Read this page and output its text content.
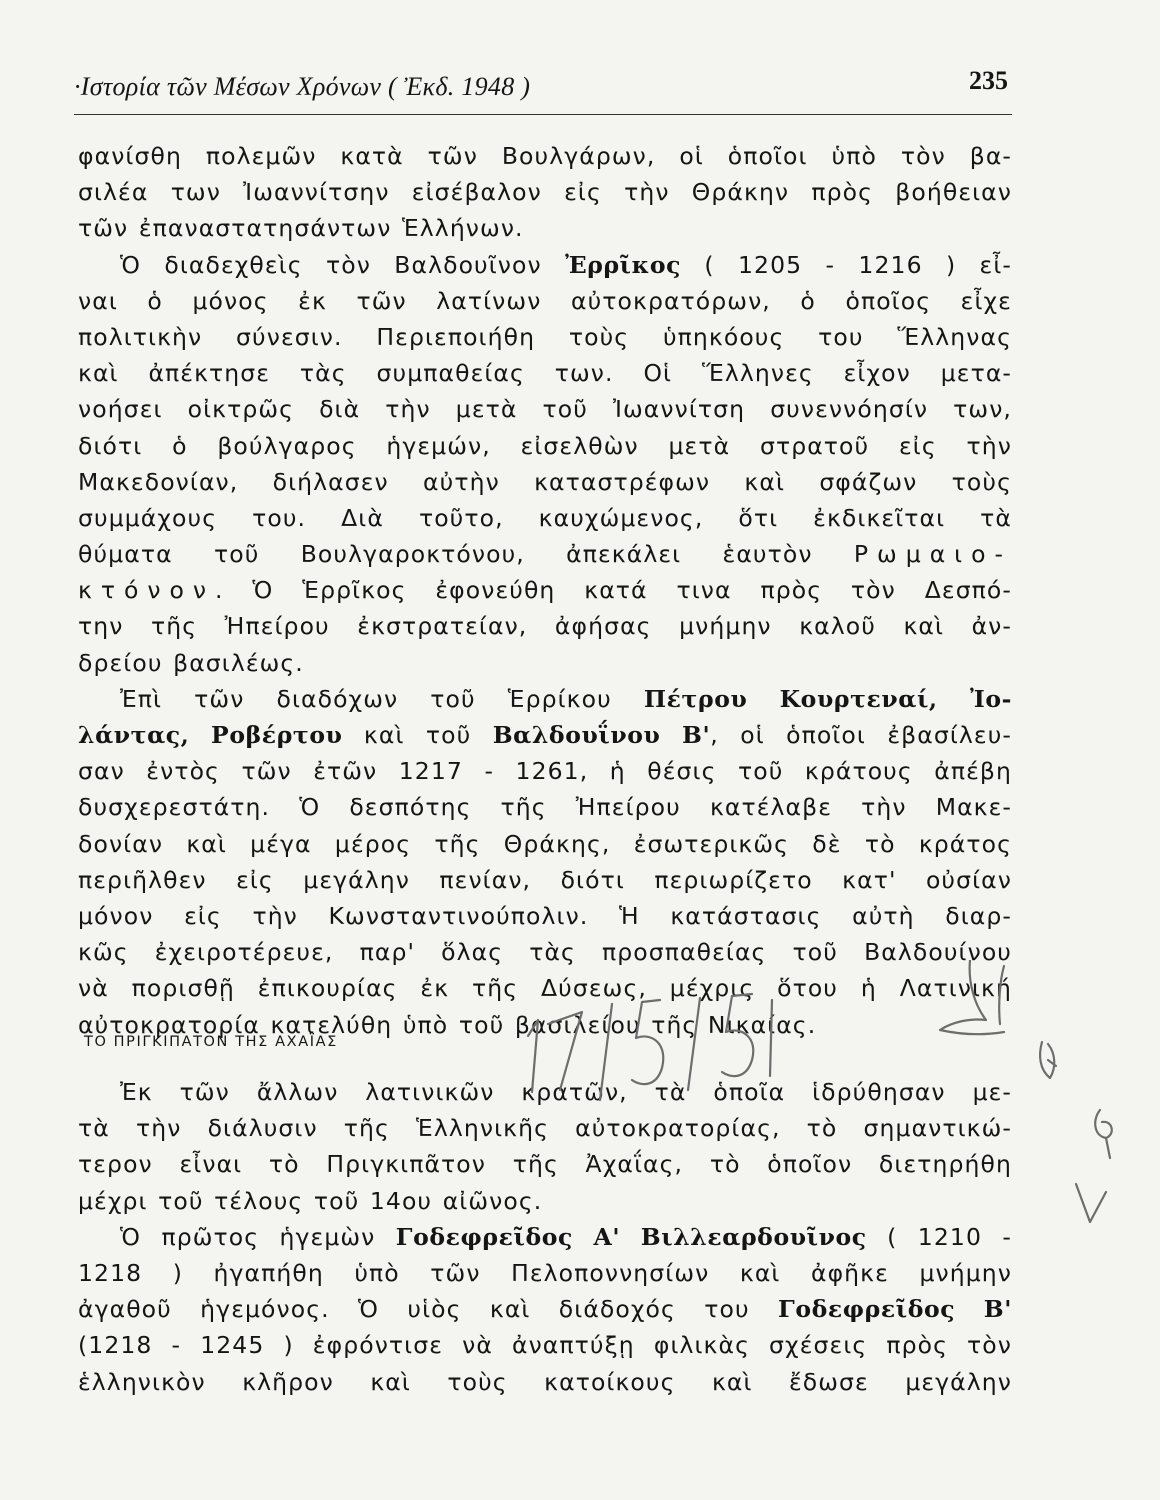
·Ιστορία τῶν Μέσων Χρόνων ( Ἐκδ. 1948 )	235
φανίσθη πολεμῶν κατὰ τῶν Βουλγάρων, οἱ ὁποῖοι ὑπὸ τὸν βα-
σιλέα των Ἰωαννίτσην εἰσέβαλον εἰς τὴν Θράκην πρὸς βοήθειαν
τῶν ἐπαναστατησάντων Ἑλλήνων.
Ὁ διαδεχθεὶς τὸν Βαλδουῖνον Ἐρρῖκος ( 1205 - 1216 ) εἶ-
ναι ὁ μόνος ἐκ τῶν λατίνων αὐτοκρατόρων, ὁ ὁποῖος εἶχε
πολιτικὴν σύνεσιν. Περιεποιήθη τοὺς ὑπηκόους του Ἕλληνας
καὶ ἀπέκτησε τὰς συμπαθείας των. Οἱ Ἕλληνες εἶχον μετα-
νοήσει οἰκτρῶς διὰ τὴν μετὰ τοῦ Ἰωαννίτση συνεννόησίν των,
διότι ὁ βούλγαρος ἡγεμών, εἰσελθὼν μετὰ στρατοῦ εἰς τὴν
Μακεδονίαν, διήλασεν αὐτὴν καταστρέφων καὶ σφάζων τοὺς
συμμάχους του. Διὰ τοῦτο, καυχώμενος, ὅτι ἐκδικεῖται τὰ
θύματα τοῦ Βουλγαροκτόνου, ἀπεκάλει ἑαυτὸν Ρωμαιο-
κτόνον. Ὁ Ἑρρῖκος ἐφονεύθη κατά τινα πρὸς τὸν Δεσπό-
την τῆς Ἠπείρου ἐκστρατείαν, ἀφήσας μνήμην καλοῦ καὶ ἀν-
δρείου βασιλέως.
Ἐπὶ τῶν διαδόχων τοῦ Ἑρρίκου Πέτρου Κουρτεναί, Ἰο-
λάντας, Ροβέρτου καὶ τοῦ Βαλδουΐνου Β', οἱ ὁποῖοι ἐβασίλευ-
σαν ἐντὸς τῶν ἐτῶν 1217 - 1261, ἡ θέσις τοῦ κράτους ἀπέβη
δυσχερεστάτη. Ὁ δεσπότης τῆς Ἠπείρου κατέλαβε τὴν Μακε-
δονίαν καὶ μέγα μέρος τῆς Θράκης, ἐσωτερικῶς δὲ τὸ κράτος
περιῆλθεν εἰς μεγάλην πενίαν, διότι περιωρίζετο κατ' οὐσίαν
μόνον εἰς τὴν Κωνσταντινούπολιν. Ἡ κατάστασις αὐτὴ διαρ-
κῶς ἐχειροτέρευε, παρ' ὅλας τὰς προσπαθείας τοῦ Βαλδουίνου
νὰ πορισθῇ ἐπικουρίας ἐκ τῆς Δύσεως, μέχρις ὅτου ἡ Λατινική
αὐτοκρατορία κατελύθη ὑπὸ τοῦ βασιλείου τῆς Νικαίας.
ΤΟ ΠΡΙΓΚΙΠΑΤΟΝ ΤΗΣ ΑΧΑΪΑΣ
Ἐκ τῶν ἄλλων λατινικῶν κρατῶν, τὰ ὁποῖα ἱδρύθησαν με-
τὰ τὴν διάλυσιν τῆς Ἑλληνικῆς αὐτοκρατορίας, τὸ σημαντικώ-
τερον εἶναι τὸ Πριγκιπᾶτον τῆς Ἀχαΐας, τὸ ὁποῖον διετηρήθη
μέχρι τοῦ τέλους τοῦ 14ου αἰῶνος.
Ὁ πρῶτος ἡγεμὼν Γοδεφρεῖδος Α' Βιλλεαρδουῖνος ( 1210 -
1218 ) ἠγαπήθη ὑπὸ τῶν Πελοποννησίων καὶ ἀφῆκε μνήμην
ἀγαθοῦ ἡγεμόνος. Ὁ υἱὸς καὶ διάδοχός του Γοδεφρεῖδος Β'
(1218 - 1245 ) ἐφρόντισε νὰ ἀναπτύξῃ φιλικὰς σχέσεις πρὸς τὸν
ἑλληνικὸν κλῆρον καὶ τοὺς κατοίκους καὶ ἔδωσε μεγάλην
